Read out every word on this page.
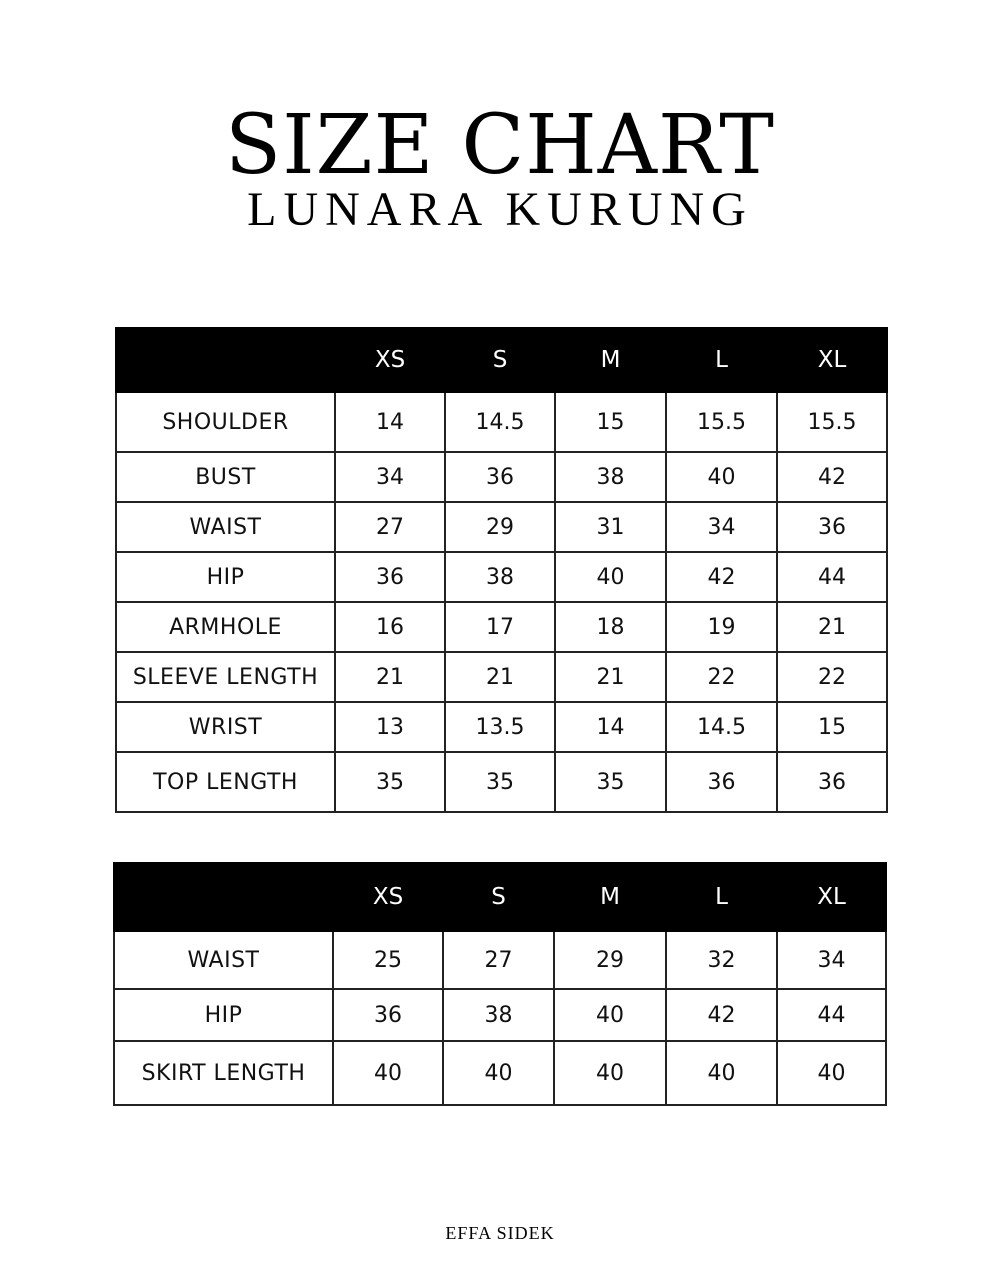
SIZE CHART
LUNARA KURUNG
	XS	S	M	L	XL
SHOULDER	14	14.5	15	15.5	15.5
BUST	34	36	38	40	42
WAIST	27	29	31	34	36
HIP	36	38	40	42	44
ARMHOLE	16	17	18	19	21
SLEEVE LENGTH	21	21	21	22	22
WRIST	13	13.5	14	14.5	15
TOP LENGTH	35	35	35	36	36
	XS	S	M	L	XL
WAIST	25	27	29	32	34
HIP	36	38	40	42	44
SKIRT LENGTH	40	40	40	40	40
EFFA SIDEK
